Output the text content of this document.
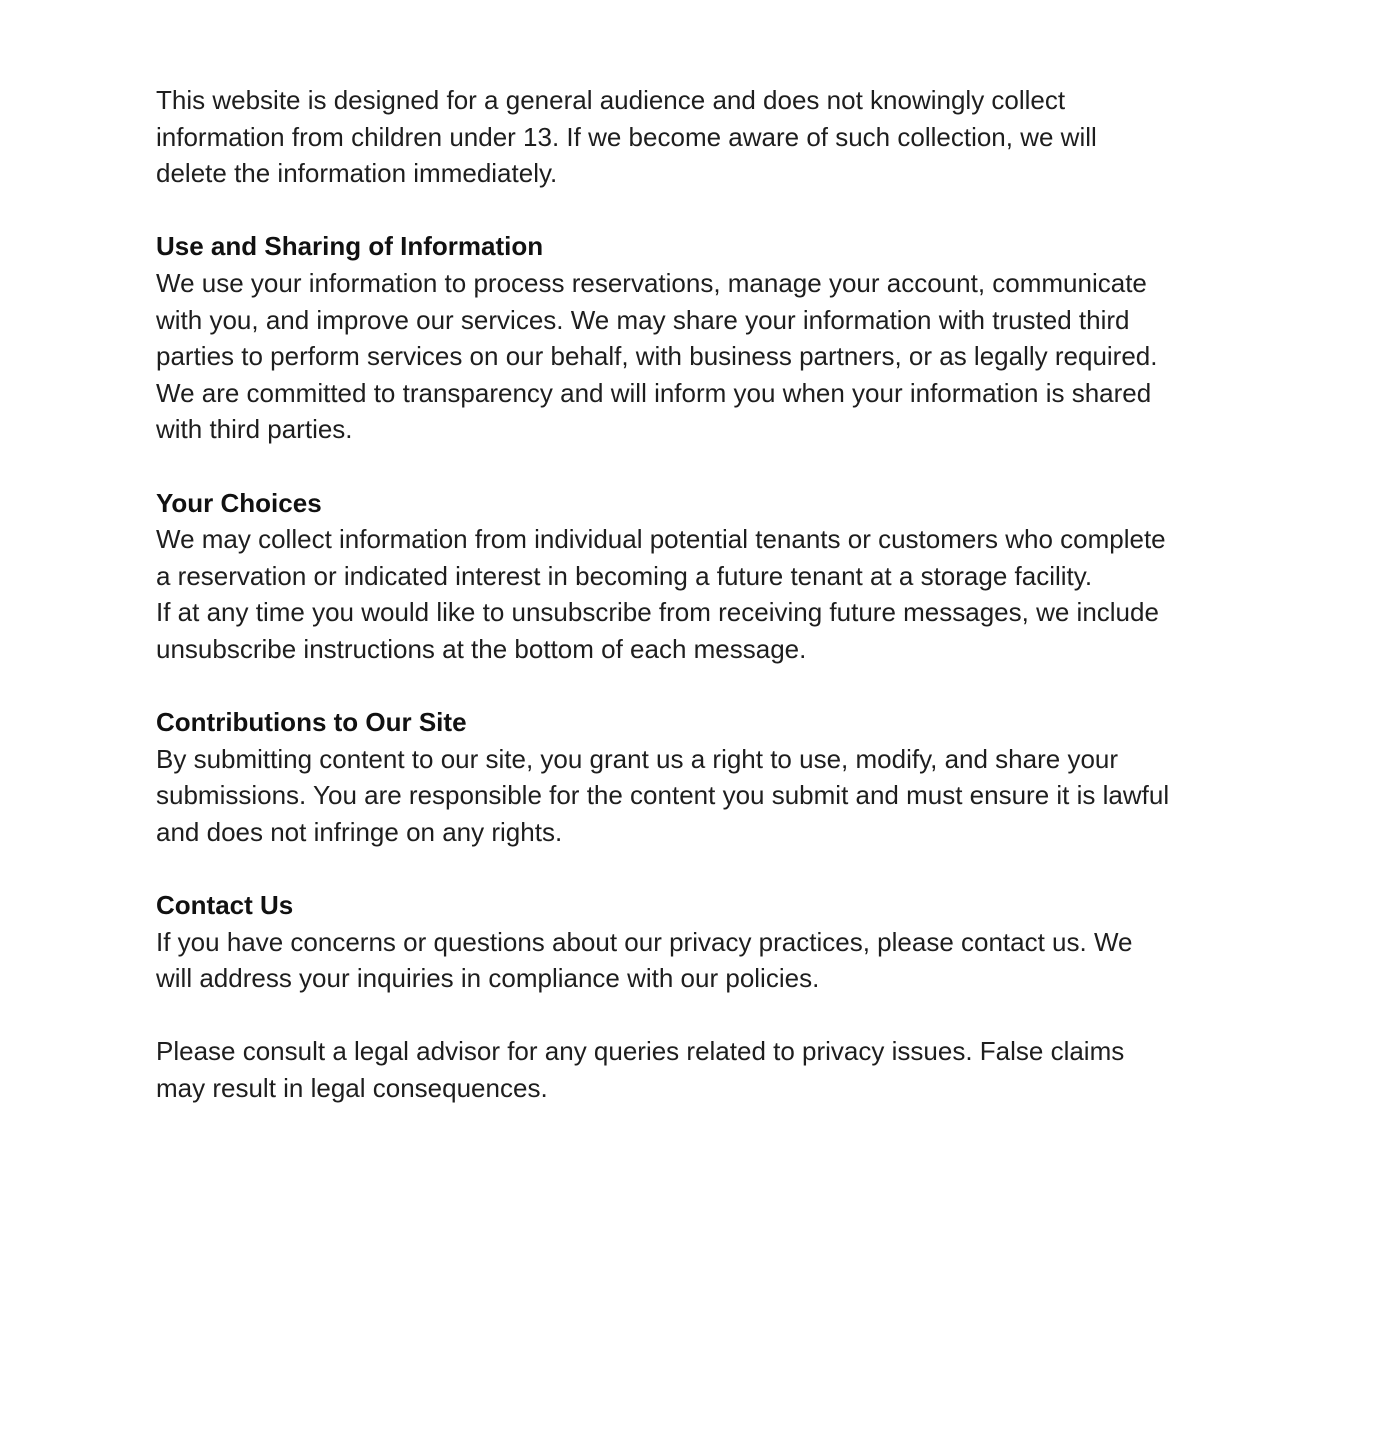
This website is designed for a general audience and does not knowingly collect
information from children under 13. If we become aware of such collection, we will
delete the information immediately.
Use and Sharing of Information
We use your information to process reservations, manage your account, communicate
with you, and improve our services. We may share your information with trusted third
parties to perform services on our behalf, with business partners, or as legally required.
We are committed to transparency and will inform you when your information is shared
with third parties.
Your Choices
We may collect information from individual potential tenants or customers who complete
a reservation or indicated interest in becoming a future tenant at a storage facility.
If at any time you would like to unsubscribe from receiving future messages, we include
unsubscribe instructions at the bottom of each message.
Contributions to Our Site
By submitting content to our site, you grant us a right to use, modify, and share your
submissions. You are responsible for the content you submit and must ensure it is lawful
and does not infringe on any rights.
Contact Us
If you have concerns or questions about our privacy practices, please contact us. We
will address your inquiries in compliance with our policies.
Please consult a legal advisor for any queries related to privacy issues. False claims
may result in legal consequences.
